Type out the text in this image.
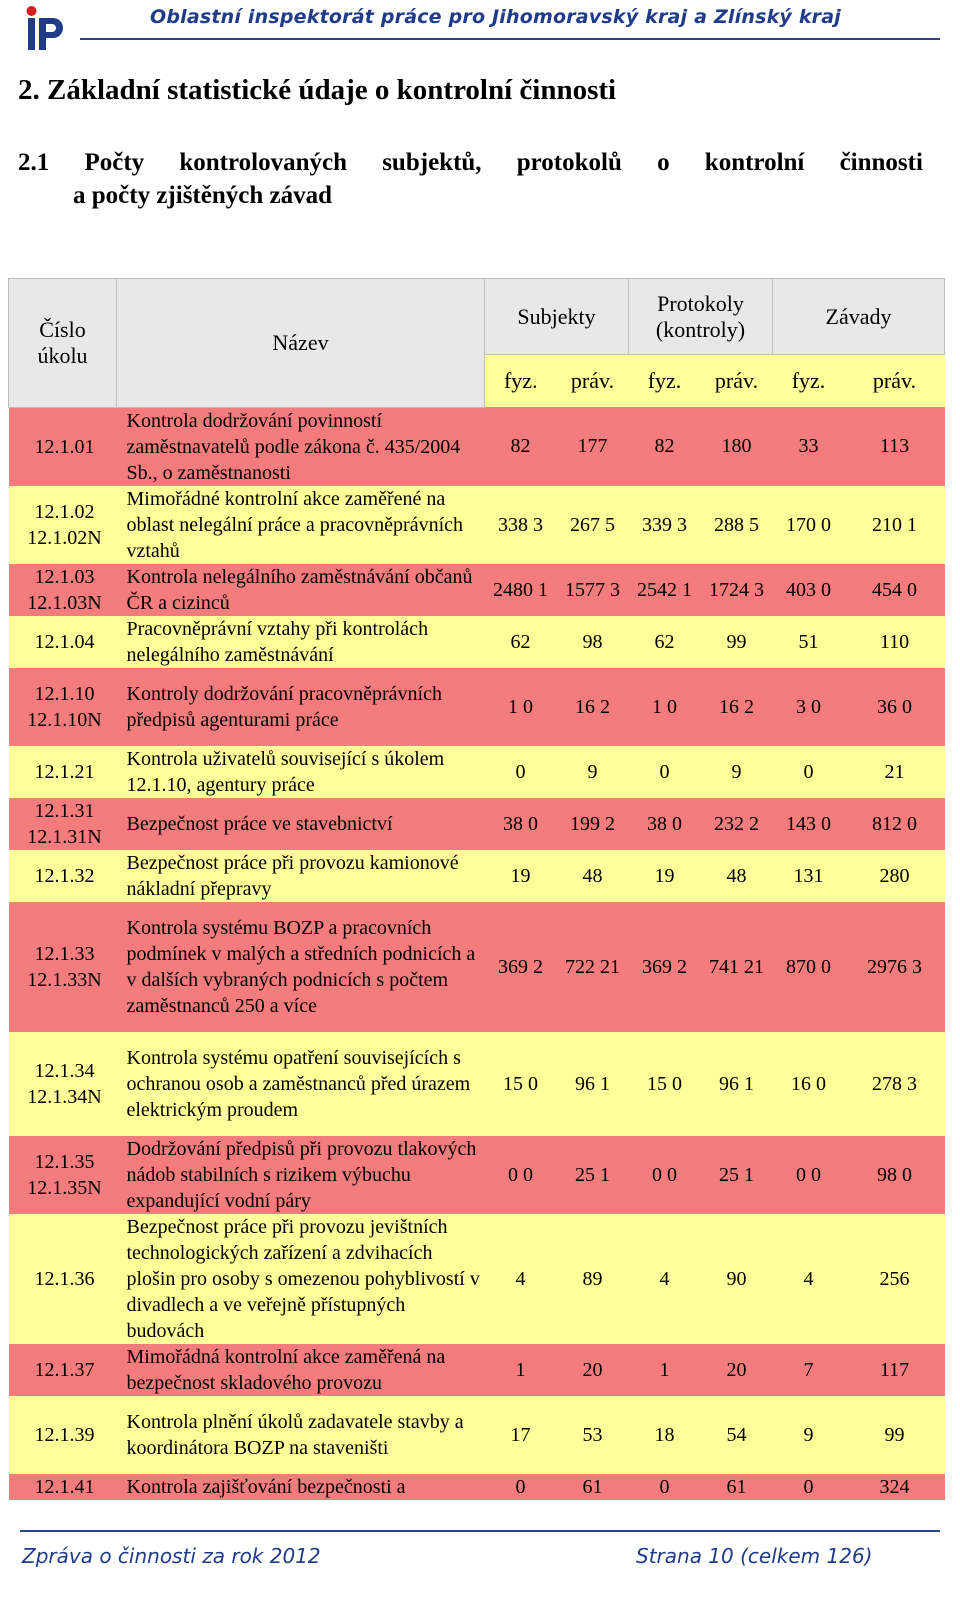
Oblastní inspektorát práce pro Jihomoravský kraj a Zlínský kraj
2. Základní statistické údaje o kontrolní činnosti
2.1 Počty kontrolovaných subjektů, protokolů o kontrolní činnosti
a počty zjištěných závad
Číslo úkolu	Název	Subjekty		Protokoly (kontroly)		Závady	
		fyz.	práv.	fyz.	práv.	fyz.	práv.
12.1.01	Kontrola dodržování povinností zaměstnavatelů podle zákona č. 435/2004 Sb., o zaměstnanosti	82	177	82	180	33	113
12.1.02 12.1.02N	Mimořádné kontrolní akce zaměřené na oblast nelegální práce a pracovněprávních vztahů	338 3	267 5	339 3	288 5	170 0	210 1
12.1.03 12.1.03N	Kontrola nelegálního zaměstnávání občanů ČR a cizinců	2480 1	1577 3	2542 1	1724 3	403 0	454 0
12.1.04	Pracovněprávní vztahy při kontrolách nelegálního zaměstnávání	62	98	62	99	51	110
12.1.10 12.1.10N	Kontroly dodržování pracovněprávních předpisů agenturami práce	1 0	16 2	1 0	16 2	3 0	36 0
12.1.21	Kontrola uživatelů související s úkolem 12.1.10, agentury práce	0	9	0	9	0	21
12.1.31 12.1.31N	Bezpečnost práce ve stavebnictví	38 0	199 2	38 0	232 2	143 0	812 0
12.1.32	Bezpečnost práce při provozu kamionové nákladní přepravy	19	48	19	48	131	280
12.1.33 12.1.33N	Kontrola systému BOZP a pracovních podmínek v malých a středních podnicích a v dalších vybraných podnicích s počtem zaměstnanců 250 a více	369 2	722 21	369 2	741 21	870 0	2976 3
12.1.34 12.1.34N	Kontrola systému opatření souvisejících s ochranou osob a zaměstnanců před úrazem elektrickým proudem	15 0	96 1	15 0	96 1	16 0	278 3
12.1.35 12.1.35N	Dodržování předpisů při provozu tlakových nádob stabilních s rizikem výbuchu expandující vodní páry	0 0	25 1	0 0	25 1	0 0	98 0
12.1.36	Bezpečnost práce při provozu jevištních technologických zařízení a zdvihacích plošin pro osoby s omezenou pohyblivostí v divadlech a ve veřejně přístupných budovách	4	89	4	90	4	256
12.1.37	Mimořádná kontrolní akce zaměřená na bezpečnost skladového provozu	1	20	1	20	7	117
12.1.39	Kontrola plnění úkolů zadavatele stavby a koordinátora BOZP na staveništi	17	53	18	54	9	99
12.1.41	Kontrola zajišťování bezpečnosti a	0	61	0	61	0	324
Zpráva o činnosti za rok 2012	Strana 10 (celkem 126)
